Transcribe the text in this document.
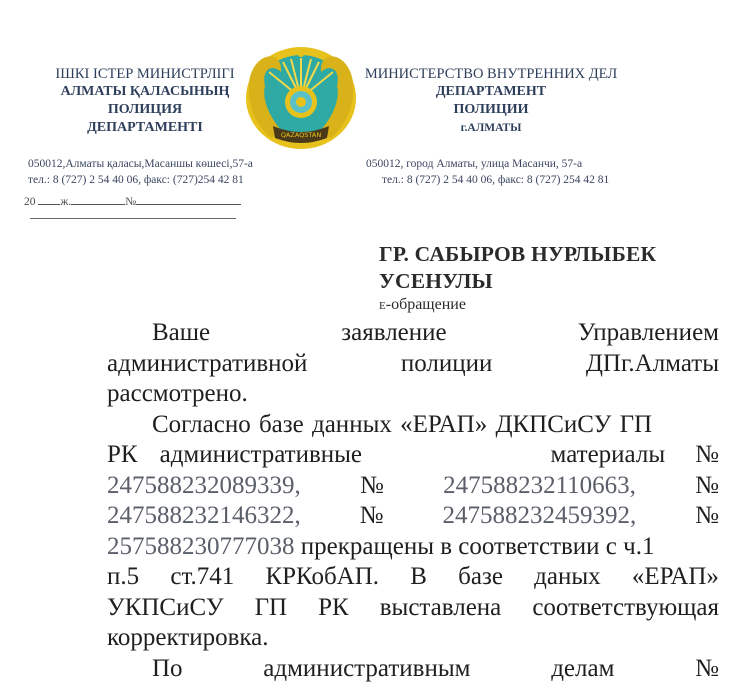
ІШКІ ІСТЕР МИНИСТРЛІГІ
АЛМАТЫ ҚАЛАСЫНЫҢ
ПОЛИЦИЯ
ДЕПАРТАМЕНТІ	QAZAQSTAN
МИНИСТЕРСТВО ВНУТРЕННИХ ДЕЛ
ДЕПАРТАМЕНТ
ПОЛИЦИИ
г.АЛМАТЫ
050012,Алматы қаласы,Масаншы көшесі,57-а
тел.: 8 (727) 2 54 40 06, факс: (727)254 42 81
050012, город Алматы, улица Масанчи, 57-а
тел.: 8 (727) 2 54 40 06, факс: 8 (727) 254 42 81
20 ж.	№
ГР. САБЫРОВ НУРЛЫБЕК
УСЕНУЛЫ
Е-обращение
Ваше	заявление	Управлением
административной	полиции	ДПг.Алматы
рассмотрено.
Согласно базе данных «ЕРАП» ДКПСиСУ ГП
РК административные	материалы №
247588232089339, № 247588232110663, №
247588232146322, № 247588232459392, №
257588230777038 прекращены в соответствии с ч.1
п.5 ст.741 КРКобАП. В базе даных «ЕРАП»
УКПСиСУ ГП РК выставлена соответствующая
корректировка.
По	административным	делам	№
